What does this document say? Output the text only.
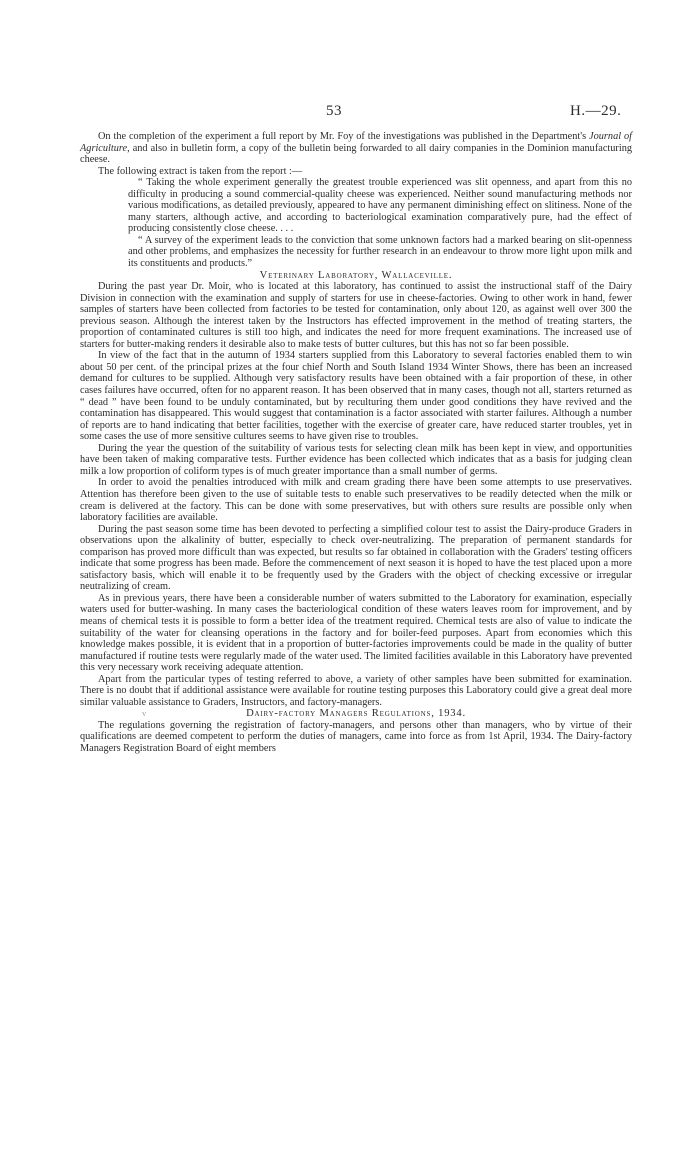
53	H.—29.

On the completion of the experiment a full report by Mr. Foy of the investigations was published in the Department's Journal of Agriculture, and also in bulletin form, a copy of the bulletin being forwarded to all dairy companies in the Dominion manufacturing cheese.

The following extract is taken from the report :—

“ Taking the whole experiment generally the greatest trouble experienced was slit openness, and apart from this no difficulty in producing a sound commercial-quality cheese was experienced. Neither sound manufacturing methods nor various modifications, as detailed previously, appeared to have any permanent diminishing effect on slitiness. None of the many starters, although active, and according to bacteriological examination comparatively pure, had the effect of producing consistently close cheese. . . .

“ A survey of the experiment leads to the conviction that some unknown factors had a marked bearing on slit-openness and other problems, and emphasizes the necessity for further research in an endeavour to throw more light upon milk and its constituents and products.”

Veterinary Laboratory, Wallaceville.

During the past year Dr. Moir, who is located at this laboratory, has continued to assist the instructional staff of the Dairy Division in connection with the examination and supply of starters for use in cheese-factories. Owing to other work in hand, fewer samples of starters have been collected from factories to be tested for contamination, only about 120, as against well over 300 the previous season. Although the interest taken by the Instructors has effected improvement in the method of treating starters, the proportion of contaminated cultures is still too high, and indicates the need for more frequent examinations. The increased use of starters for butter-making renders it desirable also to make tests of butter cultures, but this has not so far been possible.

In view of the fact that in the autumn of 1934 starters supplied from this Laboratory to several factories enabled them to win about 50 per cent. of the principal prizes at the four chief North and South Island 1934 Winter Shows, there has been an increased demand for cultures to be supplied. Although very satisfactory results have been obtained with a fair proportion of these, in other cases failures have occurred, often for no apparent reason. It has been observed that in many cases, though not all, starters returned as “ dead ” have been found to be unduly contaminated, but by reculturing them under good conditions they have revived and the contamination has disappeared. This would suggest that contamination is a factor associated with starter failures. Although a number of reports are to hand indicating that better facilities, together with the exercise of greater care, have reduced starter troubles, yet in some cases the use of more sensitive cultures seems to have given rise to troubles.

During the year the question of the suitability of various tests for selecting clean milk has been kept in view, and opportunities have been taken of making comparative tests. Further evidence has been collected which indicates that as a basis for judging clean milk a low proportion of coliform types is of much greater importance than a small number of germs.

In order to avoid the penalties introduced with milk and cream grading there have been some attempts to use preservatives. Attention has therefore been given to the use of suitable tests to enable such preservatives to be readily detected when the milk or cream is delivered at the factory. This can be done with some preservatives, but with others sure results are possible only when laboratory facilities are available.

During the past season some time has been devoted to perfecting a simplified colour test to assist the Dairy-produce Graders in observations upon the alkalinity of butter, especially to check over-neutralizing. The preparation of permanent standards for comparison has proved more difficult than was expected, but results so far obtained in collaboration with the Graders' testing officers indicate that some progress has been made. Before the commencement of next season it is hoped to have the test placed upon a more satisfactory basis, which will enable it to be frequently used by the Graders with the object of checking excessive or irregular neutralizing of cream.

As in previous years, there have been a considerable number of waters submitted to the Laboratory for examination, especially waters used for butter-washing. In many cases the bacteriological condition of these waters leaves room for improvement, and by means of chemical tests it is possible to form a better idea of the treatment required. Chemical tests are also of value to indicate the suitability of the water for cleansing operations in the factory and for boiler-feed purposes. Apart from economies which this knowledge makes possible, it is evident that in a proportion of butter-factories improvements could be made in the quality of butter manufactured if routine tests were regularly made of the water used. The limited facilities available in this Laboratory have prevented this very necessary work receiving adequate attention.

Apart from the particular types of testing referred to above, a variety of other samples have been submitted for examination. There is no doubt that if additional assistance were available for routine testing purposes this Laboratory could give a great deal more similar valuable assistance to Graders, Instructors, and factory-managers.

v	Dairy-factory Managers Regulations, 1934.

The regulations governing the registration of factory-managers, and persons other than managers, who by virtue of their qualifications are deemed competent to perform the duties of managers, came into force as from 1st April, 1934. The Dairy-factory Managers Registration Board of eight members
